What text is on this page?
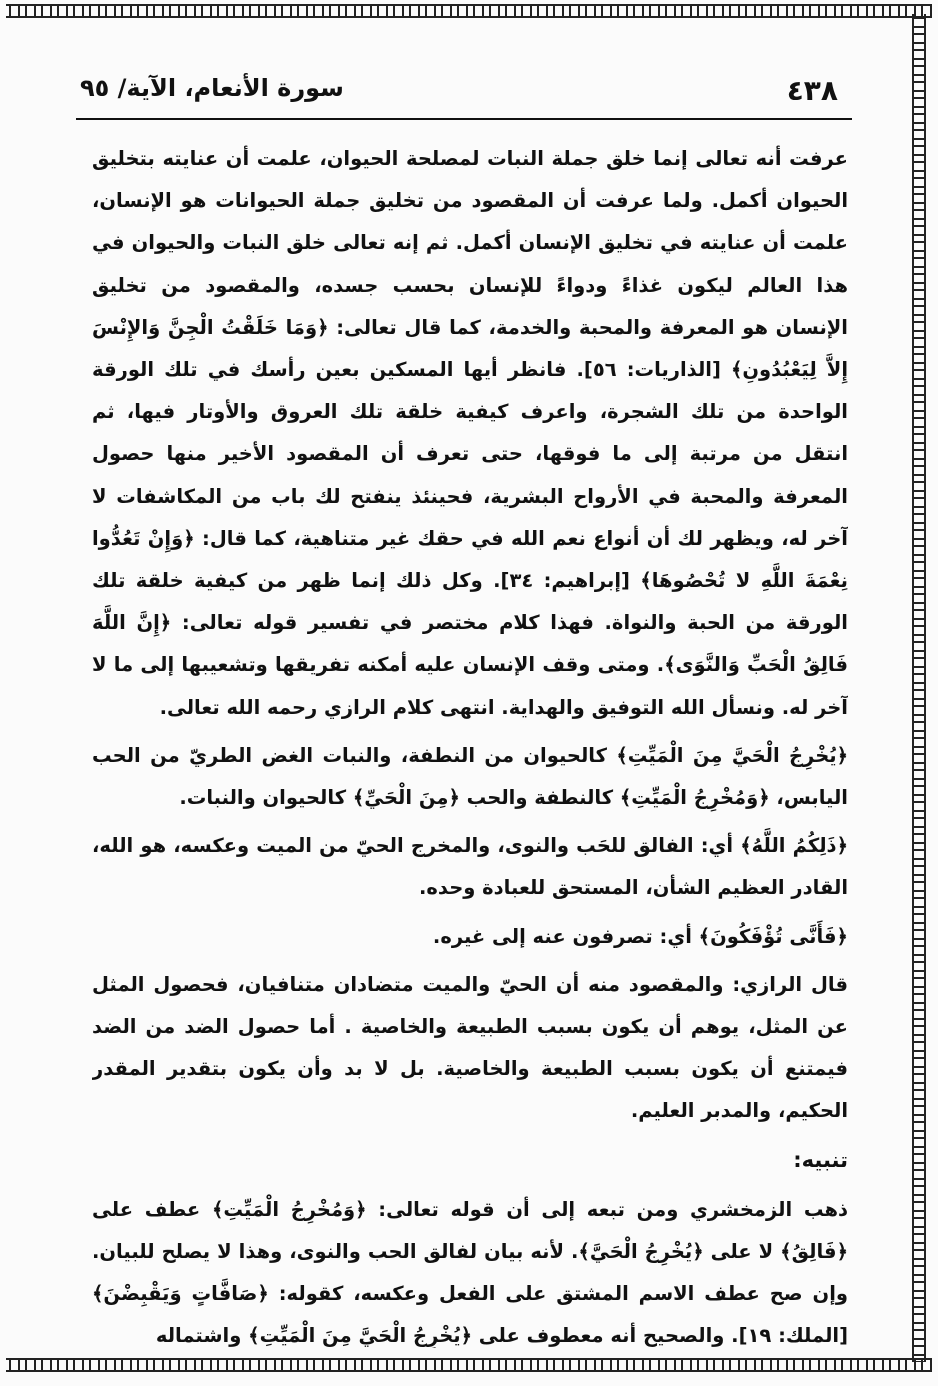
٤٣٨
سورة الأنعام، الآية/ ٩٥

عرفت أنه تعالى إنما خلق جملة النبات لمصلحة الحيوان، علمت أن عنايته بتخليق الحيوان أكمل. ولما عرفت أن المقصود من تخليق جملة الحيوانات هو الإنسان، علمت أن عنايته في تخليق الإنسان أكمل. ثم إنه تعالى خلق النبات والحيوان في هذا العالم ليكون غذاءً ودواءً للإنسان بحسب جسده، والمقصود من تخليق الإنسان هو المعرفة والمحبة والخدمة، كما قال تعالى: ﴿وَمَا خَلَقْتُ الْجِنَّ وَالإِنْسَ إِلاَّ لِيَعْبُدُونِ﴾ [الذاريات: ٥٦]. فانظر أيها المسكين بعين رأسك في تلك الورقة الواحدة من تلك الشجرة، واعرف كيفية خلقة تلك العروق والأوتار فيها، ثم انتقل من مرتبة إلى ما فوقها، حتى تعرف أن المقصود الأخير منها حصول المعرفة والمحبة في الأرواح البشرية، فحينئذ ينفتح لك باب من المكاشفات لا آخر له، ويظهر لك أن أنواع نعم الله في حقك غير متناهية، كما قال: ﴿وَإِنْ تَعُدُّوا نِعْمَةَ اللَّهِ لا تُحْصُوهَا﴾ [إبراهيم: ٣٤]. وكل ذلك إنما ظهر من كيفية خلقة تلك الورقة من الحبة والنواة. فهذا كلام مختصر في تفسير قوله تعالى: ﴿إِنَّ اللَّهَ فَالِقُ الْحَبِّ وَالنَّوَى﴾. ومتى وقف الإنسان عليه أمكنه تفريقها وتشعيبها إلى ما لا آخر له. ونسأل الله التوفيق والهداية. انتهى كلام الرازي رحمه الله تعالى.

﴿يُخْرِجُ الْحَيَّ مِنَ الْمَيِّتِ﴾ كالحيوان من النطفة، والنبات الغض الطريّ من الحب اليابس، ﴿وَمُخْرِجُ الْمَيِّتِ﴾ كالنطفة والحب ﴿مِنَ الْحَيِّ﴾ كالحيوان والنبات.

﴿ذَلِكُمُ اللَّهُ﴾ أي: الفالق للحَب والنوى، والمخرج الحيّ من الميت وعكسه، هو الله، القادر العظيم الشأن، المستحق للعبادة وحده.

﴿فَأَنَّى تُؤْفَكُونَ﴾ أي: تصرفون عنه إلى غيره.

قال الرازي: والمقصود منه أن الحيّ والميت متضادان متنافيان، فحصول المثل عن المثل، يوهم أن يكون بسبب الطبيعة والخاصية . أما حصول الضد من الضد فيمتنع أن يكون بسبب الطبيعة والخاصية. بل لا بد وأن يكون بتقدير المقدر الحكيم، والمدبر العليم.

تنبيه:

ذهب الزمخشري ومن تبعه إلى أن قوله تعالى: ﴿وَمُخْرِجُ الْمَيِّتِ﴾ عطف على ﴿فَالِقُ﴾ لا على ﴿يُخْرِجُ الْحَيَّ﴾. لأنه بيان لفالق الحب والنوى، وهذا لا يصلح للبيان. وإن صح عطف الاسم المشتق على الفعل وعكسه، كقوله: ﴿صَافَّاتٍ وَيَقْبِضْنَ﴾ [الملك: ١٩]. والصحيح أنه معطوف على ﴿يُخْرِجُ الْحَيَّ مِنَ الْمَيِّتِ﴾ واشتماله
